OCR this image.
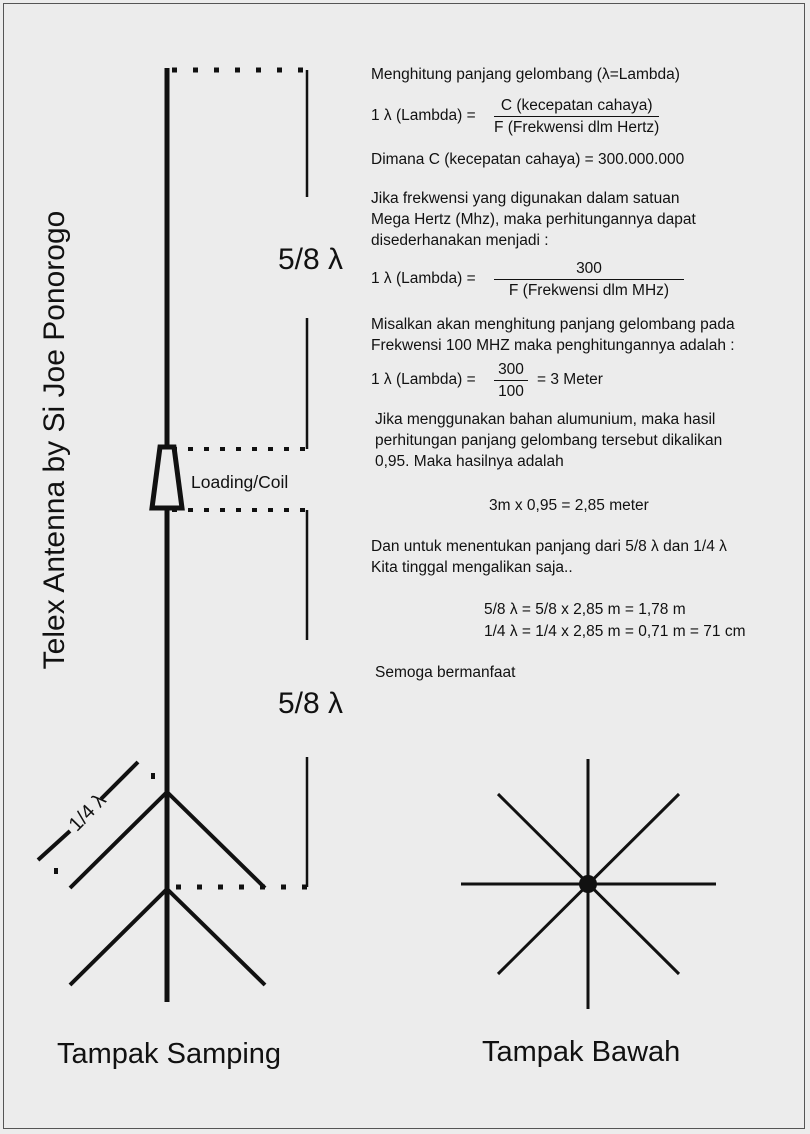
Telex Antenna by Si Joe Ponorogo	5/8 λ
5/8 λ
Loading/Coil
1/4 λ
Tampak Samping	Tampak Bawah
Menghitung panjang gelombang (λ=Lambda)
1 λ (Lambda) =
C (kecepatan cahaya)
F (Frekwensi dlm Hertz)
Dimana C (kecepatan cahaya) = 300.000.000
Jika frekwensi yang digunakan dalam satuan
Mega Hertz (Mhz), maka perhitungannya dapat
disederhanakan menjadi :
1 λ (Lambda) =
300
F (Frekwensi dlm MHz)
Misalkan akan menghitung panjang gelombang pada
Frekwensi 100 MHZ maka penghitungannya adalah :
1 λ (Lambda) = $\frac{300}{100} = 3$ Meter
Jika menggunakan bahan alumunium, maka hasil
perhitungan panjang gelombang tersebut dikalikan
0,95. Maka hasilnya adalah
3m x 0,95 = 2,85 meter
Dan untuk menentukan panjang dari 5/8 λ dan 1/4 λ
Kita tinggal mengalikan saja..
5/8 λ = 5/8 x 2,85 m = 1,78 m
1/4 λ = 1/4 x 2,85 m = 0,71 m = 71 cm
Semoga bermanfaat
